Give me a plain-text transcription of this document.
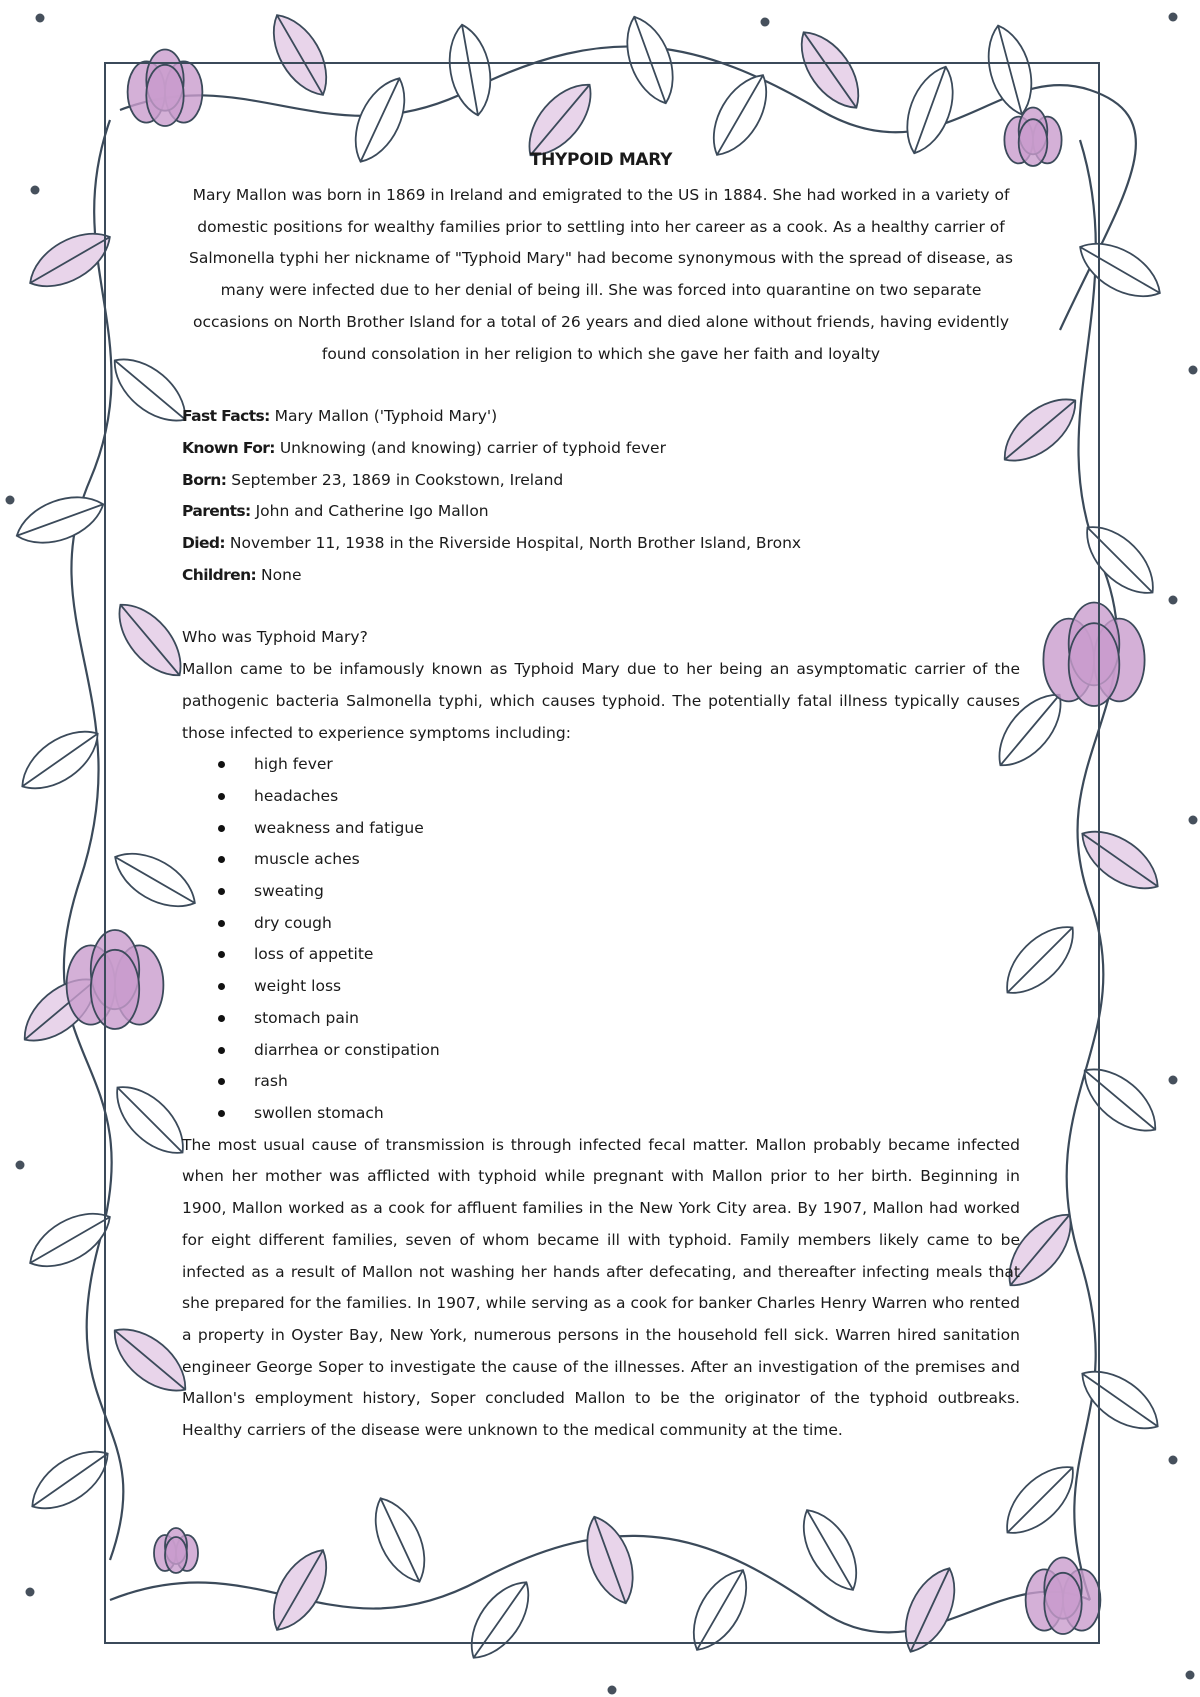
THYPOID MARY

Mary Mallon was born in 1869 in Ireland and emigrated to the US in 1884. She had worked in a variety of domestic positions for wealthy families prior to settling into her career as a cook. As a healthy carrier of Salmonella typhi her nickname of "Typhoid Mary" had become synonymous with the spread of disease, as many were infected due to her denial of being ill. She was forced into quarantine on two separate occasions on North Brother Island for a total of 26 years and died alone without friends, having evidently found consolation in her religion to which she gave her faith and loyalty

Fast Facts: Mary Mallon ('Typhoid Mary')
Known For: Unknowing (and knowing) carrier of typhoid fever
Born: September 23, 1869 in Cookstown, Ireland
Parents: John and Catherine Igo Mallon
Died: November 11, 1938 in the Riverside Hospital, North Brother Island, Bronx
Children: None

Who was Typhoid Mary?

Mallon came to be infamously known as Typhoid Mary due to her being an asymptomatic carrier of the pathogenic bacteria Salmonella typhi, which causes typhoid. The potentially fatal illness typically causes those infected to experience symptoms including:

high fever
headaches
weakness and fatigue
muscle aches
sweating
dry cough
loss of appetite
weight loss
stomach pain
diarrhea or constipation
rash
swollen stomach

The most usual cause of transmission is through infected fecal matter. Mallon probably became infected when her mother was afflicted with typhoid while pregnant with Mallon prior to her birth. Beginning in 1900, Mallon worked as a cook for affluent families in the New York City area. By 1907, Mallon had worked for eight different families, seven of whom became ill with typhoid. Family members likely came to be infected as a result of Mallon not washing her hands after defecating, and thereafter infecting meals that she prepared for the families. In 1907, while serving as a cook for banker Charles Henry Warren who rented a property in Oyster Bay, New York, numerous persons in the household fell sick. Warren hired sanitation engineer George Soper to investigate the cause of the illnesses. After an investigation of the premises and Mallon's employment history, Soper concluded Mallon to be the originator of the typhoid outbreaks. Healthy carriers of the disease were unknown to the medical community at the time.
